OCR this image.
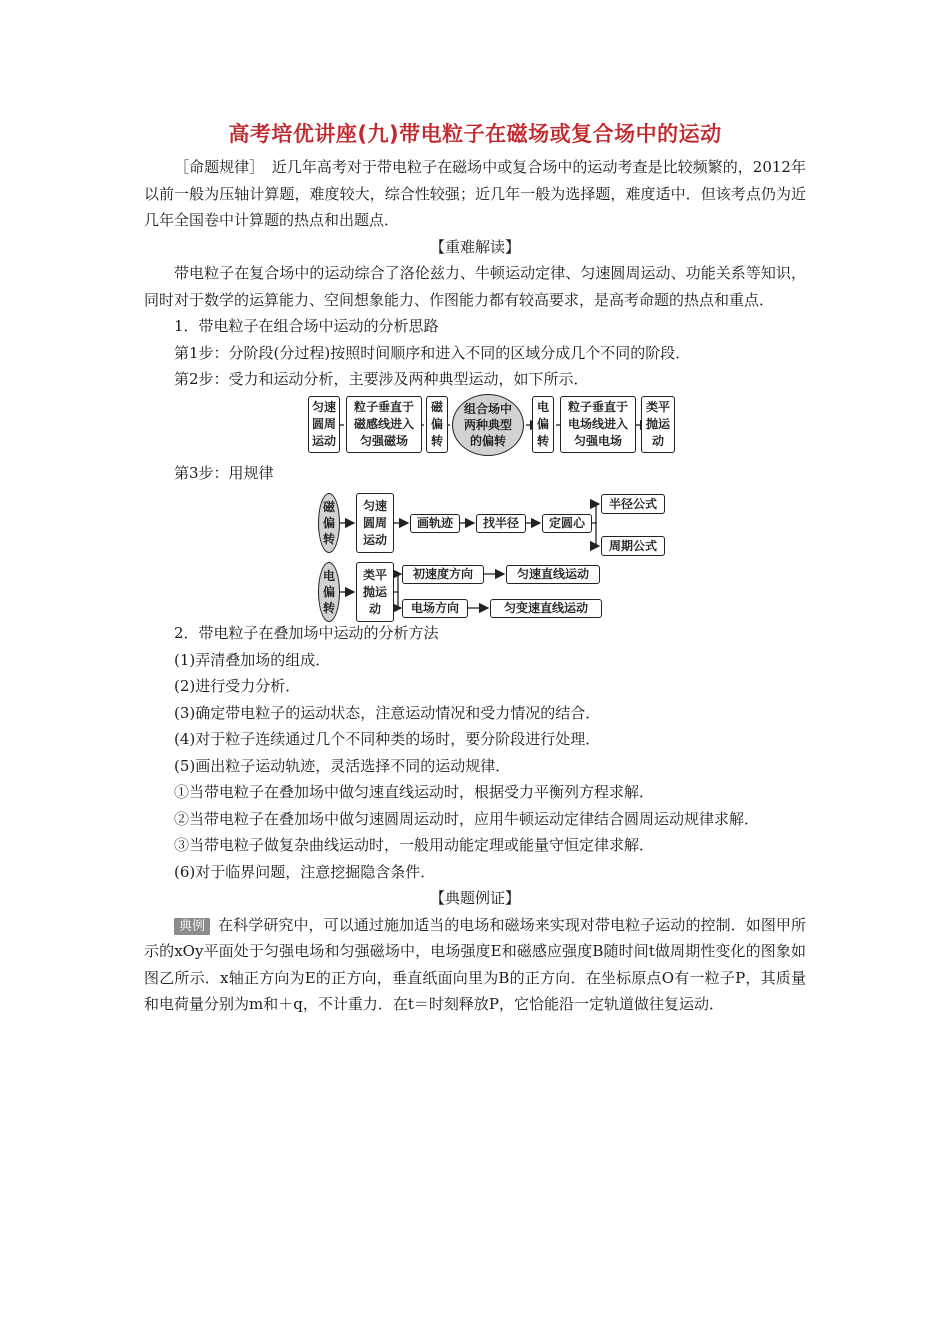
高考培优讲座(九)带电粒子在磁场或复合场中的运动

［命题规律］　 近几年高考对于带电粒子在磁场中或复合场中的运动考查是比较频繁的，2012年以前一般为压轴计算题，难度较大，综合性较强；近几年一般为选择题，难度适中．但该考点仍为近几年全国卷中计算题的热点和出题点．

【重难解读】

带电粒子在复合场中的运动综合了洛伦兹力、牛顿运动定律、匀速圆周运动、功能关系等知识，同时对于数学的运算能力、空间想象能力、作图能力都有较高要求，是高考命题的热点和重点．

1．带电粒子在组合场中运动的分析思路

第1步：分阶段(分过程)按照时间顺序和进入不同的区域分成几个不同的阶段．

第2步：受力和运动分析，主要涉及两种典型运动，如下所示．

匀速
圆周
运动
粒子垂直于
磁感线进入
匀强磁场
磁
偏
转
组合场中
两种典型
的偏转
电
偏
转
粒子垂直于
电场线进入
匀强电场
类平
抛运
动

第3步：用规律

磁
偏
转
匀速
圆周
运动
画轨迹	找半径	定圆心
半径公式
周期公式
电
偏
转
类平
抛运
动
初速度方向	匀速直线运动
电场方向	匀变速直线运动

2．带电粒子在叠加场中运动的分析方法

(1)弄清叠加场的组成．

(2)进行受力分析．

(3)确定带电粒子的运动状态，注意运动情况和受力情况的结合．

(4)对于粒子连续通过几个不同种类的场时，要分阶段进行处理．

(5)画出粒子运动轨迹，灵活选择不同的运动规律．

①当带电粒子在叠加场中做匀速直线运动时，根据受力平衡列方程求解．

②当带电粒子在叠加场中做匀速圆周运动时，应用牛顿运动定律结合圆周运动规律求解．

③当带电粒子做复杂曲线运动时，一般用动能定理或能量守恒定律求解．

(6)对于临界问题，注意挖掘隐含条件．

【典题例证】

典例 在科学研究中，可以通过施加适当的电场和磁场来实现对带电粒子运动的控制．如图甲所示的xOy平面处于匀强电场和匀强磁场中，电场强度E和磁感应强度B随时间t做周期性变化的图象如图乙所示．x轴正方向为E的正方向，垂直纸面向里为B的正方向．在坐标原点O有一粒子P，其质量和电荷量分别为m和＋q，不计重力．在t＝时刻释放P，它恰能沿一定轨道做往复运动．
